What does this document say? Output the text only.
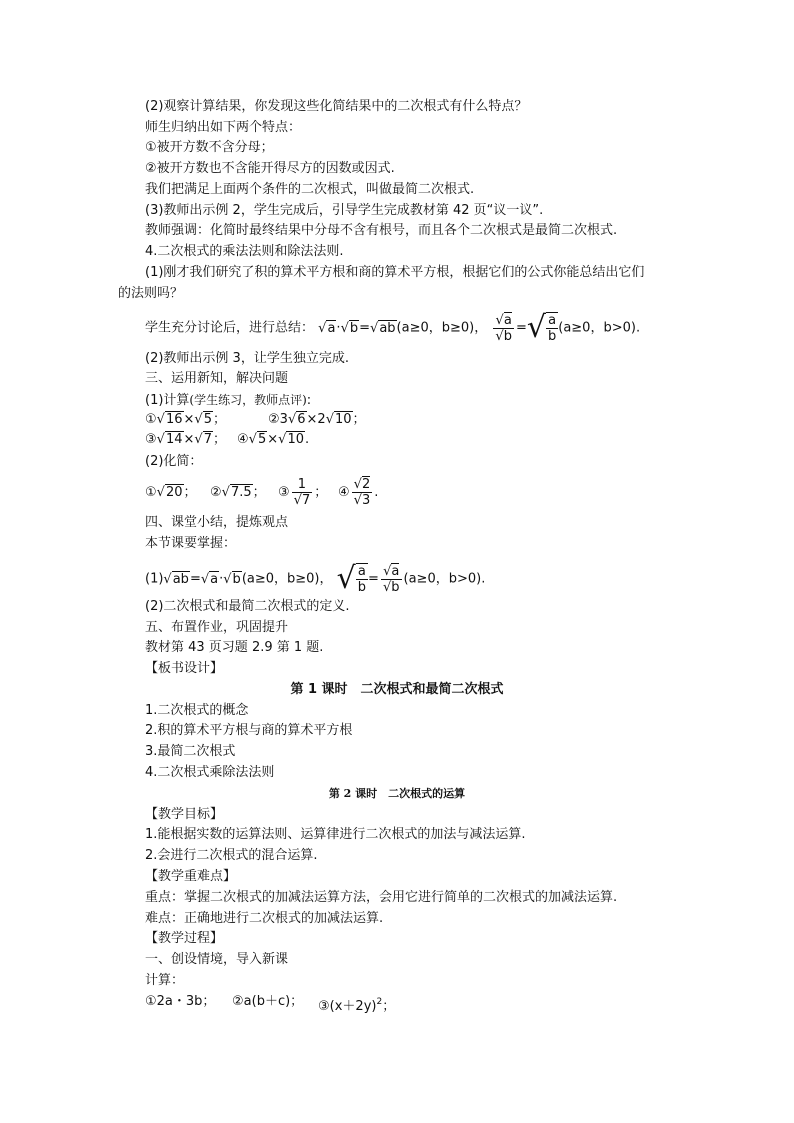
(2)观察计算结果，你发现这些化简结果中的二次根式有什么特点？
师生归纳出如下两个特点：
①被开方数不含分母；
②被开方数也不含能开得尽方的因数或因式.
我们把满足上面两个条件的二次根式，叫做最简二次根式.
(3)教师出示例 2，学生完成后，引导学生完成教材第 42 页“议一议”.
教师强调：化简时最终结果中分母不含有根号，而且各个二次根式是最简二次根式.
4.二次根式的乘法法则和除法法则.
(1)刚才我们研究了积的算术平方根和商的算术平方根，根据它们的公式你能总结出它们
的法则吗？
学生充分讨论后，进行总结： √a·√b=√ab(a≥0，b≥0)， $\frac{√a}{√b}$ =√ $\frac{a}{b} (a\ge 0$，b>0).
(2)教师出示例 3，让学生独立完成.
三、运用新知，解决问题
(1)计算(学生练习，教师点评):
①√16×√5；	②3√6×2√10；
③√14×√7； ④√5×√10.
(2)化简：
①√20； ②√7.5； ③ $\frac{1}{√7}$ ； ④ $\frac{√2}{√3}$ .
四、课堂小结，提炼观点
本节课要掌握：
(1)√ab=√a·√b(a≥0，b≥0)， √ $\frac{a}{b} = \frac{√a}{√b} (a\ge 0$，b>0).
(2)二次根式和最简二次根式的定义.
五、布置作业，巩固提升
教材第 43 页习题 2.9 第 1 题.
【板书设计】
第 1 课时　二次根式和最简二次根式
1.二次根式的概念
2.积的算术平方根与商的算术平方根
3.最简二次根式
4.二次根式乘除法法则
第 2 课时　二次根式的运算
【教学目标】
1.能根据实数的运算法则、运算律进行二次根式的加法与减法运算.
2.会进行二次根式的混合运算.
【教学重难点】
重点：掌握二次根式的加减法运算方法，会用它进行简单的二次根式的加减法运算.
难点：正确地进行二次根式的加减法运算.
【教学过程】
一、创设情境，导入新课
计算：
①2a・3b； ②a(b＋c)； $③(x+2y)^2$；
